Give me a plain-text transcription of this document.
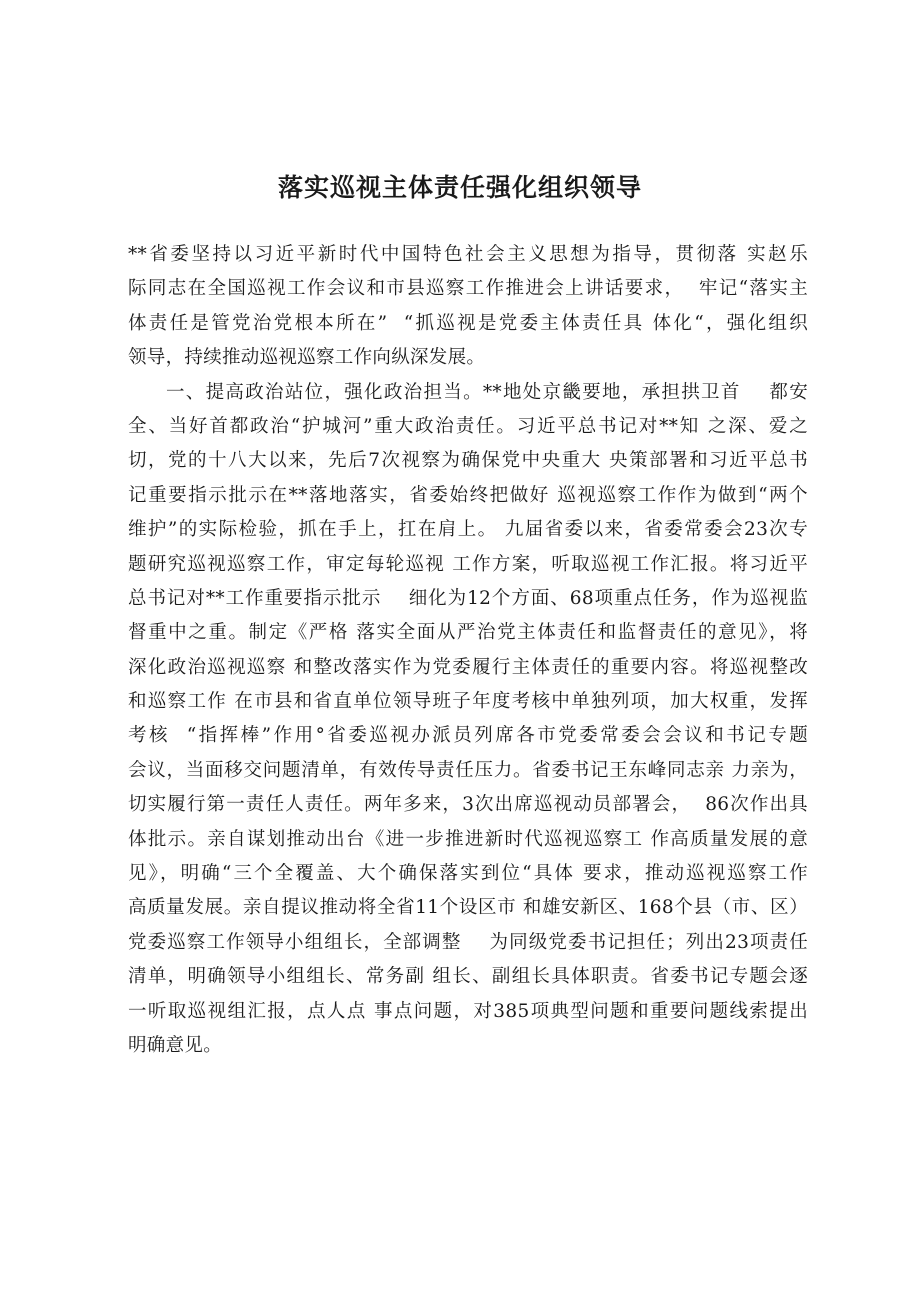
落实巡视主体责任强化组织领导
**省委坚持以习近平新时代中国特色社会主义思想为指导，贯彻落 实赵乐
际同志在全国巡视工作会议和市县巡察工作推进会上讲话要求，  牢记“落实主
体责任是管党治党根本所在”  “抓巡视是党委主体责任具 体化“，强化组织
领导，持续推动巡视巡察工作向纵深发展。
一、提高政治站位，强化政治担当。**地处京畿要地，承担拱卫首    都安
全、当好首都政治“护城河”重大政治责任。习近平总书记对**知 之深、爱之
切，党的十八大以来，先后7次视察为确保党中央重大 央策部署和习近平总书
记重要指示批示在**落地落实，省委始终把做好 巡视巡察工作作为做到“两个
维护”的实际检验，抓在手上，扛在肩上。 九届省委以来，省委常委会23次专
题研究巡视巡察工作，审定每轮巡视 工作方案，听取巡视工作汇报。将习近平
总书记对**工作重要指示批示    细化为12个方面、68项重点任务，作为巡视监
督重中之重。制定《严格 落实全面从严治党主体责任和监督责任的意见》，将
深化政治巡视巡察 和整改落实作为党委履行主体责任的重要内容。将巡视整改
和巡察工作 在市县和省直单位领导班子年度考核中单独列项，加大权重，发挥
考核  “指挥棒”作用°省委巡视办派员列席各市党委常委会会议和书记专题
会议，当面移交问题清单，有效传导责任压力。省委书记王东峰同志亲 力亲为，
切实履行第一责任人责任。两年多来，3次出席巡视动员部署会，  86次作出具
体批示。亲自谋划推动出台《进一步推进新时代巡视巡察工 作高质量发展的意
见》，明确“三个全覆盖、大个确保落实到位“具体 要求，推动巡视巡察工作
高质量发展。亲自提议推动将全省11个设区市 和雄安新区、168个县（市、区）
党委巡察工作领导小组组长，全部调整    为同级党委书记担任；列出23项责任
清单，明确领导小组组长、常务副 组长、副组长具体职责。省委书记专题会逐
一听取巡视组汇报，点人点 事点问题，对385项典型问题和重要问题线索提出
明确意见。
